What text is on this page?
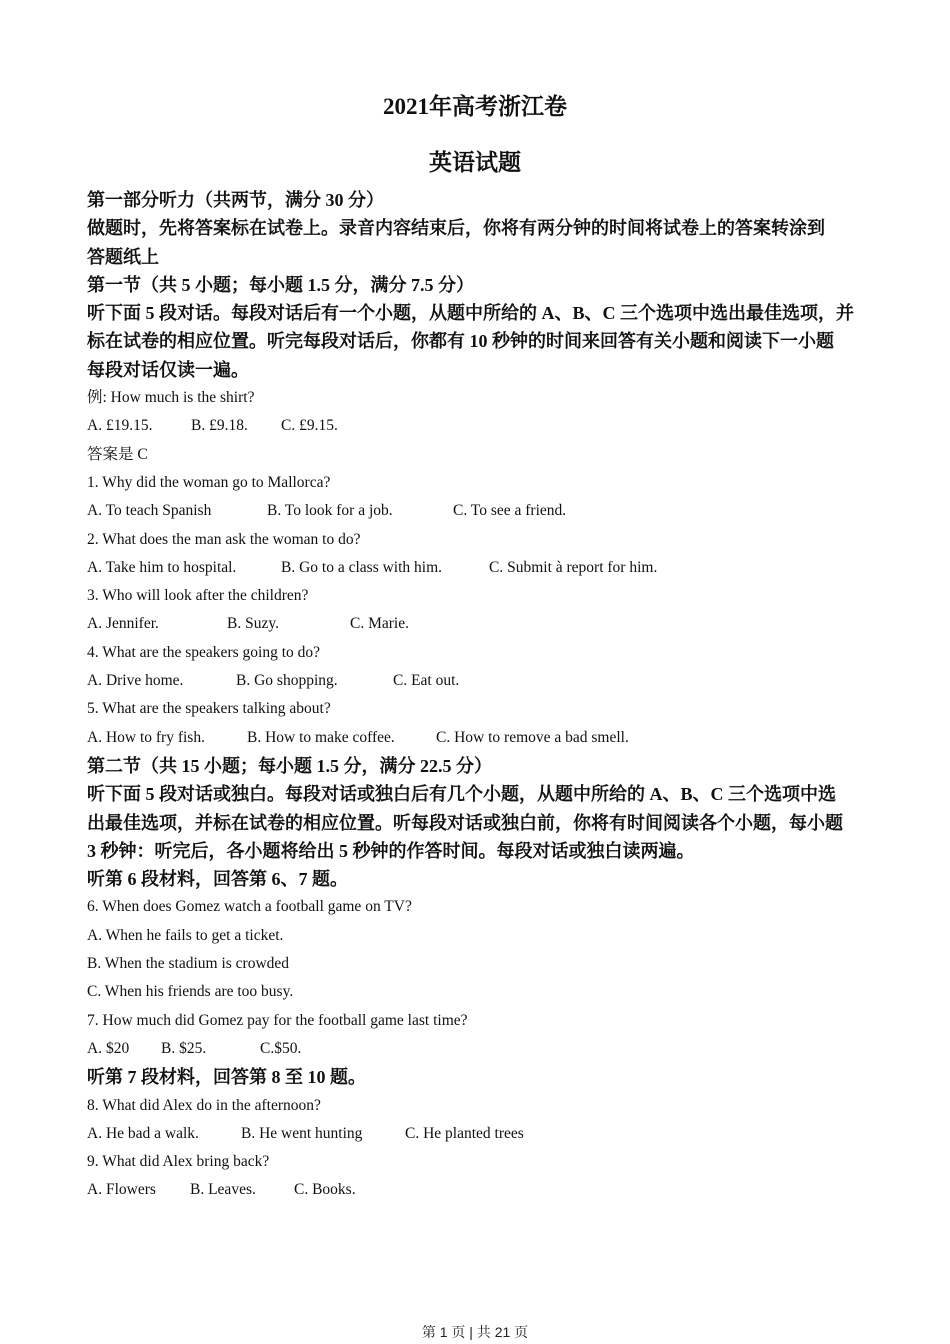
2021年高考浙江卷
英语试题
第一部分听力（共两节，满分 30 分）
做题时，先将答案标在试卷上。录音内容结束后，你将有两分钟的时间将试卷上的答案转涂到
答题纸上
第一节（共 5 小题；每小题 1.5 分，满分 7.5 分）
听下面 5 段对话。每段对话后有一个小题，从题中所给的 A、B、C 三个选项中选出最佳选项，并
标在试卷的相应位置。听完每段对话后，你都有 10 秒钟的时间来回答有关小题和阅读下一小题
每段对话仅读一遍。
例: How much is the shirt?
A. £19.15. B. £9.18. C. £9.15.
答案是 C
1. Why did the woman go to Mallorca?
A. To teach Spanish	B. To look for a job.	C. To see a friend.
2. What does the man ask the woman to do?
A. Take him to hospital.	B. Go to a class with him.	C. Submit à report for him.
3. Who will look after the children?
A. Jennifer.	B. Suzy.	C. Marie.
4. What are the speakers going to do?
A. Drive home.	B. Go shopping.	C. Eat out.
5. What are the speakers talking about?
A. How to fry fish.	B. How to make coffee.	C. How to remove a bad smell.
第二节（共 15 小题；每小题 1.5 分，满分 22.5 分）
听下面 5 段对话或独白。每段对话或独白后有几个小题，从题中所给的 A、B、C 三个选项中选
出最佳选项，并标在试卷的相应位置。听每段对话或独白前，你将有时间阅读各个小题，每小题
3 秒钟：听完后，各小题将给出 5 秒钟的作答时间。每段对话或独白读两遍。
听第 6 段材料，回答第 6、7 题。
6. When does Gomez watch a football game on TV?
A. When he fails to get a ticket.
B. When the stadium is crowded
C. When his friends are too busy.
7. How much did Gomez pay for the football game last time?
A. $20 B. $25.	C.$50.
听第 7 段材料，回答第 8 至 10 题。
8. What did Alex do in the afternoon?
A. He bad a walk.	B. He went hunting	C. He planted trees
9. What did Alex bring back?
A. Flowers B. Leaves. C. Books.
第 1 页 | 共 21 页
